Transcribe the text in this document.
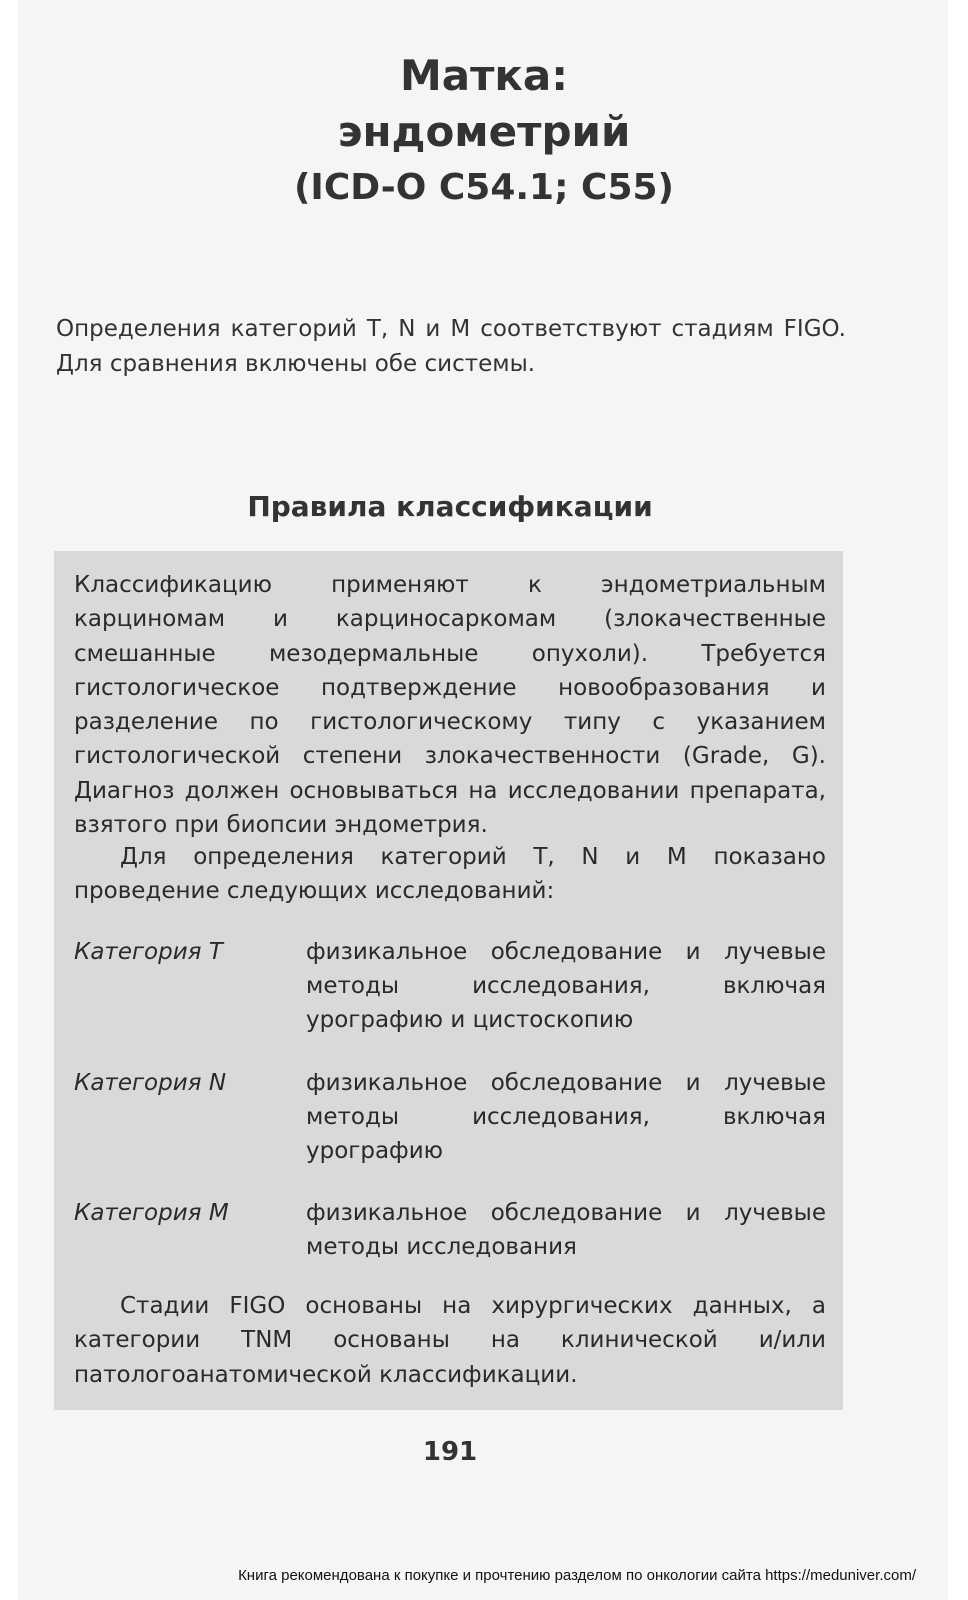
Матка:
эндометрий
(ICD-O C54.1; C55)
Определения категорий T, N и M соответствуют стадиям FIGO. Для сравнения включены обе системы.
Правила классификации
Классификацию применяют к эндометриальным карциномам и карциносаркомам (злокачественные смешанные мезодермальные опухоли). Требуется гистологическое подтверждение новообразования и разделение по гистологическому типу с указанием гистологической степени злокачественности (Grade, G). Диагноз должен основываться на исследовании препарата, взятого при биопсии эндометрия.
Для определения категорий T, N и M показано проведение следующих исследований:
Категория T	физикальное обследование и лучевые методы исследования, включая урографию и цистоскопию
Категория N	физикальное обследование и лучевые методы исследования, включая урографию
Категория M	физикальное обследование и лучевые методы исследования
Стадии FIGO основаны на хирургических данных, а категории TNM основаны на клинической и/или патологоанатомической классификации.
191
Книга рекомендована к покупке и прочтению разделом по онкологии сайта https://meduniver.com/
